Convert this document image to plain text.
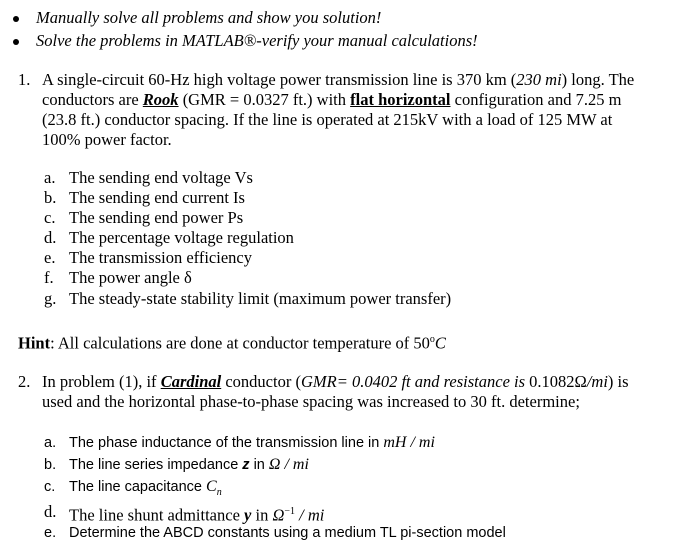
Manually solve all problems and show you solution!
Solve the problems in MATLAB®-verify your manual calculations!
1. A single-circuit 60-Hz high voltage power transmission line is 370 km (230 mi) long. The
conductors are Rook (GMR = 0.0327 ft.) with flat horizontal configuration and 7.25 m
(23.8 ft.) conductor spacing. If the line is operated at 215kV with a load of 125 MW at
100% power factor.
a. The sending end voltage Vs
b. The sending end current Is
c. The sending end power Ps
d. The percentage voltage regulation
e. The transmission efficiency
f. The power angle δ
g. The steady-state stability limit (maximum power transfer)
Hint: All calculations are done at conductor temperature of 50$^o$C
2. In problem (1), if Cardinal conductor (GMR= 0.0402 ft and resistance is 0.1082Ω/mi) is
used and the horizontal phase-to-phase spacing was increased to 30 ft. determine;
a. The phase inductance of the transmission line in mH / mi
b. The line series impedance z in Ω / mi
c. The line capacitance $C_n$
d. The line shunt admittance y in $\Omega^{-1}$ / mi
e. Determine the ABCD constants using a medium TL pi-section model
